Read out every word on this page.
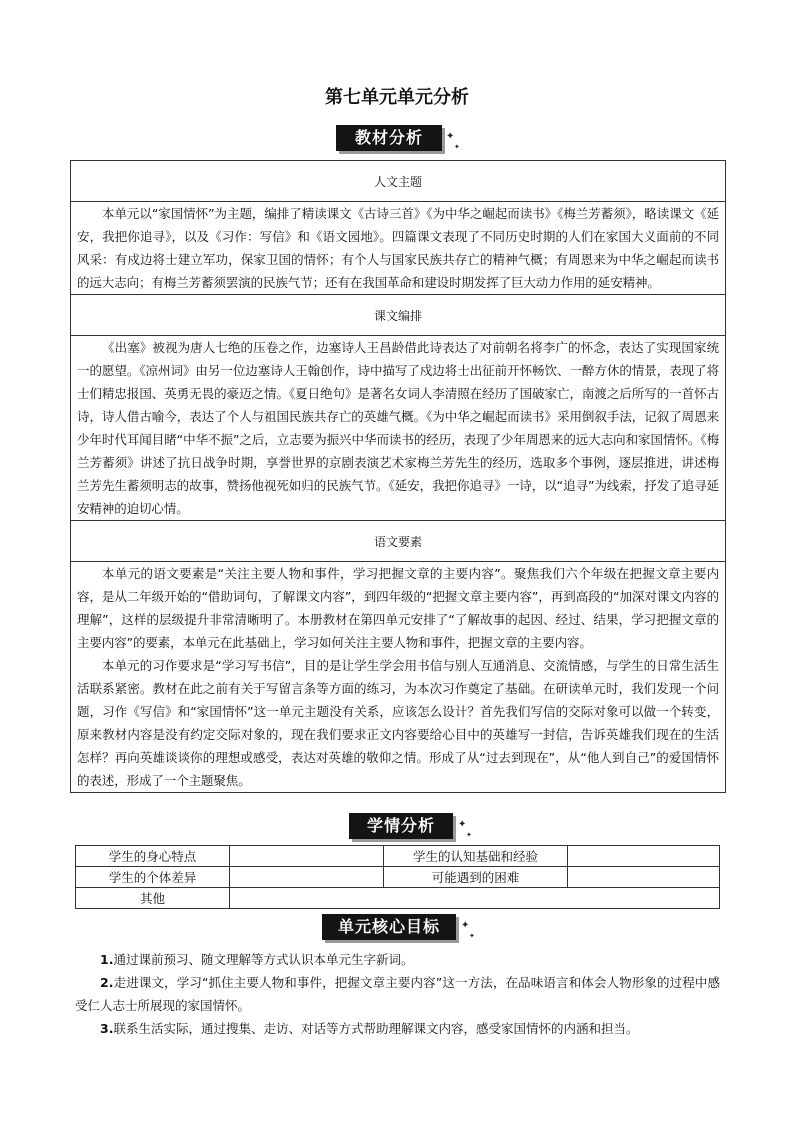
第七单元单元分析
教材分析	✦
✦
人文主题

本单元以“家国情怀”为主题，编排了精读课文《古诗三首》《为中华之崛起而读书》《梅兰芳蓄须》，略读课文《延安，我把你追寻》，以及《习作：写信》和《语文园地》。四篇课文表现了不同历史时期的人们在家国大义面前的不同风采：有戍边将士建立军功，保家卫国的情怀；有个人与国家民族共存亡的精神气概；有周恩来为中华之崛起而读书的远大志向；有梅兰芳蓄须罢演的民族气节；还有在我国革命和建设时期发挥了巨大动力作用的延安精神。

课文编排

《出塞》被视为唐人七绝的压卷之作，边塞诗人王昌龄借此诗表达了对前朝名将李广的怀念，表达了实现国家统一的愿望。《凉州词》由另一位边塞诗人王翰创作，诗中描写了戍边将士出征前开怀畅饮、一醉方休的情景，表现了将士们精忠报国、英勇无畏的豪迈之情。《夏日绝句》是著名女词人李清照在经历了国破家亡，南渡之后所写的一首怀古诗，诗人借古喻今，表达了个人与祖国民族共存亡的英雄气概。《为中华之崛起而读书》采用倒叙手法，记叙了周恩来少年时代耳闻目睹“中华不振”之后，立志要为振兴中华而读书的经历，表现了少年周恩来的远大志向和家国情怀。《梅兰芳蓄须》讲述了抗日战争时期，享誉世界的京剧表演艺术家梅兰芳先生的经历，选取多个事例，逐层推进，讲述梅兰芳先生蓄须明志的故事，赞扬他视死如归的民族气节。《延安，我把你追寻》一诗，以“追寻”为线索，抒发了追寻延安精神的迫切心情。

语文要素

本单元的语文要素是“关注主要人物和事件，学习把握文章的主要内容”。聚焦我们六个年级在把握文章主要内容，是从二年级开始的“借助词句，了解课文内容”，到四年级的“把握文章主要内容”，再到高段的“加深对课文内容的理解”，这样的层级提升非常清晰明了。本册教材在第四单元安排了“了解故事的起因、经过、结果，学习把握文章的主要内容”的要素，本单元在此基础上，学习如何关注主要人物和事件，把握文章的主要内容。

本单元的习作要求是“学习写书信”，目的是让学生学会用书信与别人互通消息、交流情感，与学生的日常生活生活联系紧密。教材在此之前有关于写留言条等方面的练习，为本次习作奠定了基础。在研读单元时，我们发现一个问题，习作《写信》和“家国情怀”这一单元主题没有关系，应该怎么设计？首先我们写信的交际对象可以做一个转变，原来教材内容是没有约定交际对象的，现在我们要求正文内容要给心目中的英雄写一封信，告诉英雄我们现在的生活怎样？再向英雄谈谈你的理想或感受，表达对英雄的敬仰之情。形成了从“过去到现在”，从“他人到自己”的爱国情怀的表述，形成了一个主题聚焦。

学情分析	✦
✦
学生的身心特点		学生的认知基础和经验	
学生的个体差异		可能遇到的困难	
其他			
单元核心目标	✦
✦

1.通过课前预习、随文理解等方式认识本单元生字新词。

2.走进课文，学习“抓住主要人物和事件，把握文章主要内容”这一方法，在品味语言和体会人物形象的过程中感受仁人志士所展现的家国情怀。

3.联系生活实际，通过搜集、走访、对话等方式帮助理解课文内容，感受家国情怀的内涵和担当。
